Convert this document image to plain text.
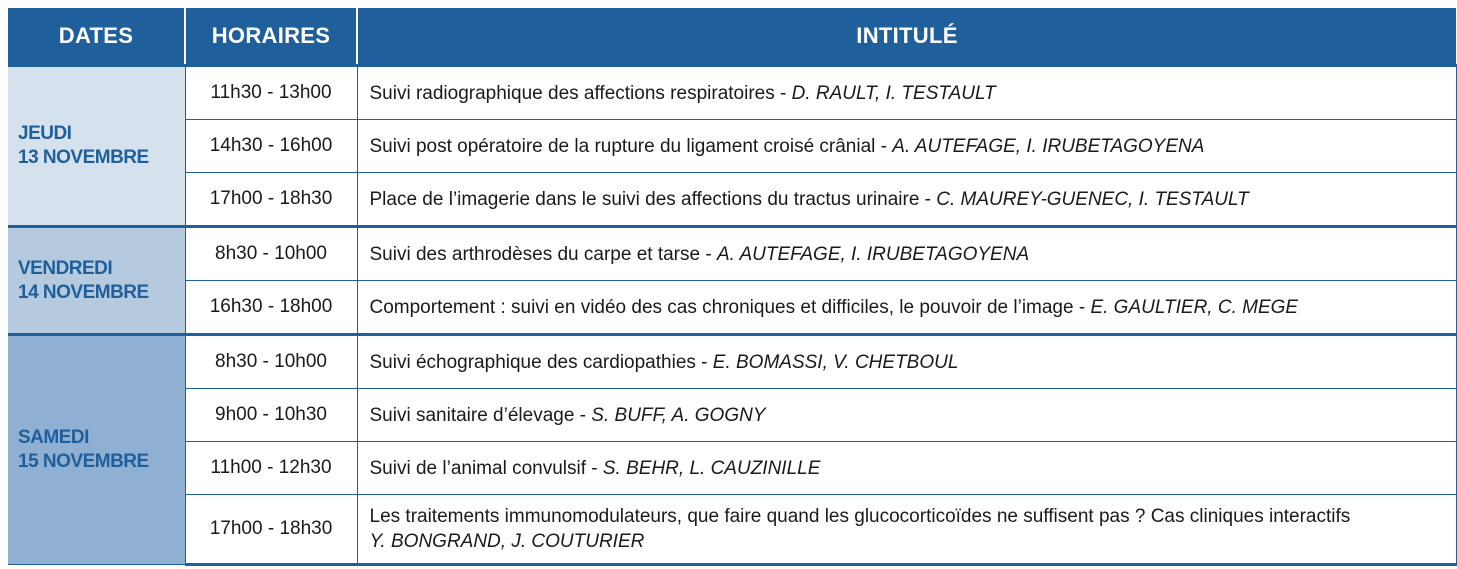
DATES	HORAIRES	INTITULÉ

JEUDI
13 NOVEMBRE	11h30 - 13h00	Suivi radiographique des affections respiratoires - D. RAULT, I. TESTAULT
	14h30 - 16h00	Suivi post opératoire de la rupture du ligament croisé crânial - A. AUTEFAGE, I. IRUBETAGOYENA
	17h00 - 18h30	Place de l’imagerie dans le suivi des affections du tractus urinaire - C. MAUREY-GUENEC, I. TESTAULT

VENDREDI
14 NOVEMBRE	8h30 - 10h00	Suivi des arthrodèses du carpe et tarse - A. AUTEFAGE, I. IRUBETAGOYENA
	16h30 - 18h00	Comportement : suivi en vidéo des cas chroniques et difficiles, le pouvoir de l’image - E. GAULTIER, C. MEGE

SAMEDI
15 NOVEMBRE	8h30 - 10h00	Suivi échographique des cardiopathies - E. BOMASSI, V. CHETBOUL
	9h00 - 10h30	Suivi sanitaire d’élevage - S. BUFF, A. GOGNY
	11h00 - 12h30	Suivi de l’animal convulsif - S. BEHR, L. CAUZINILLE
	17h00 - 18h30	Les traitements immunomodulateurs, que faire quand les glucocorticoïdes ne suffisent pas ? Cas cliniques interactifs
Y. BONGRAND, J. COUTURIER
